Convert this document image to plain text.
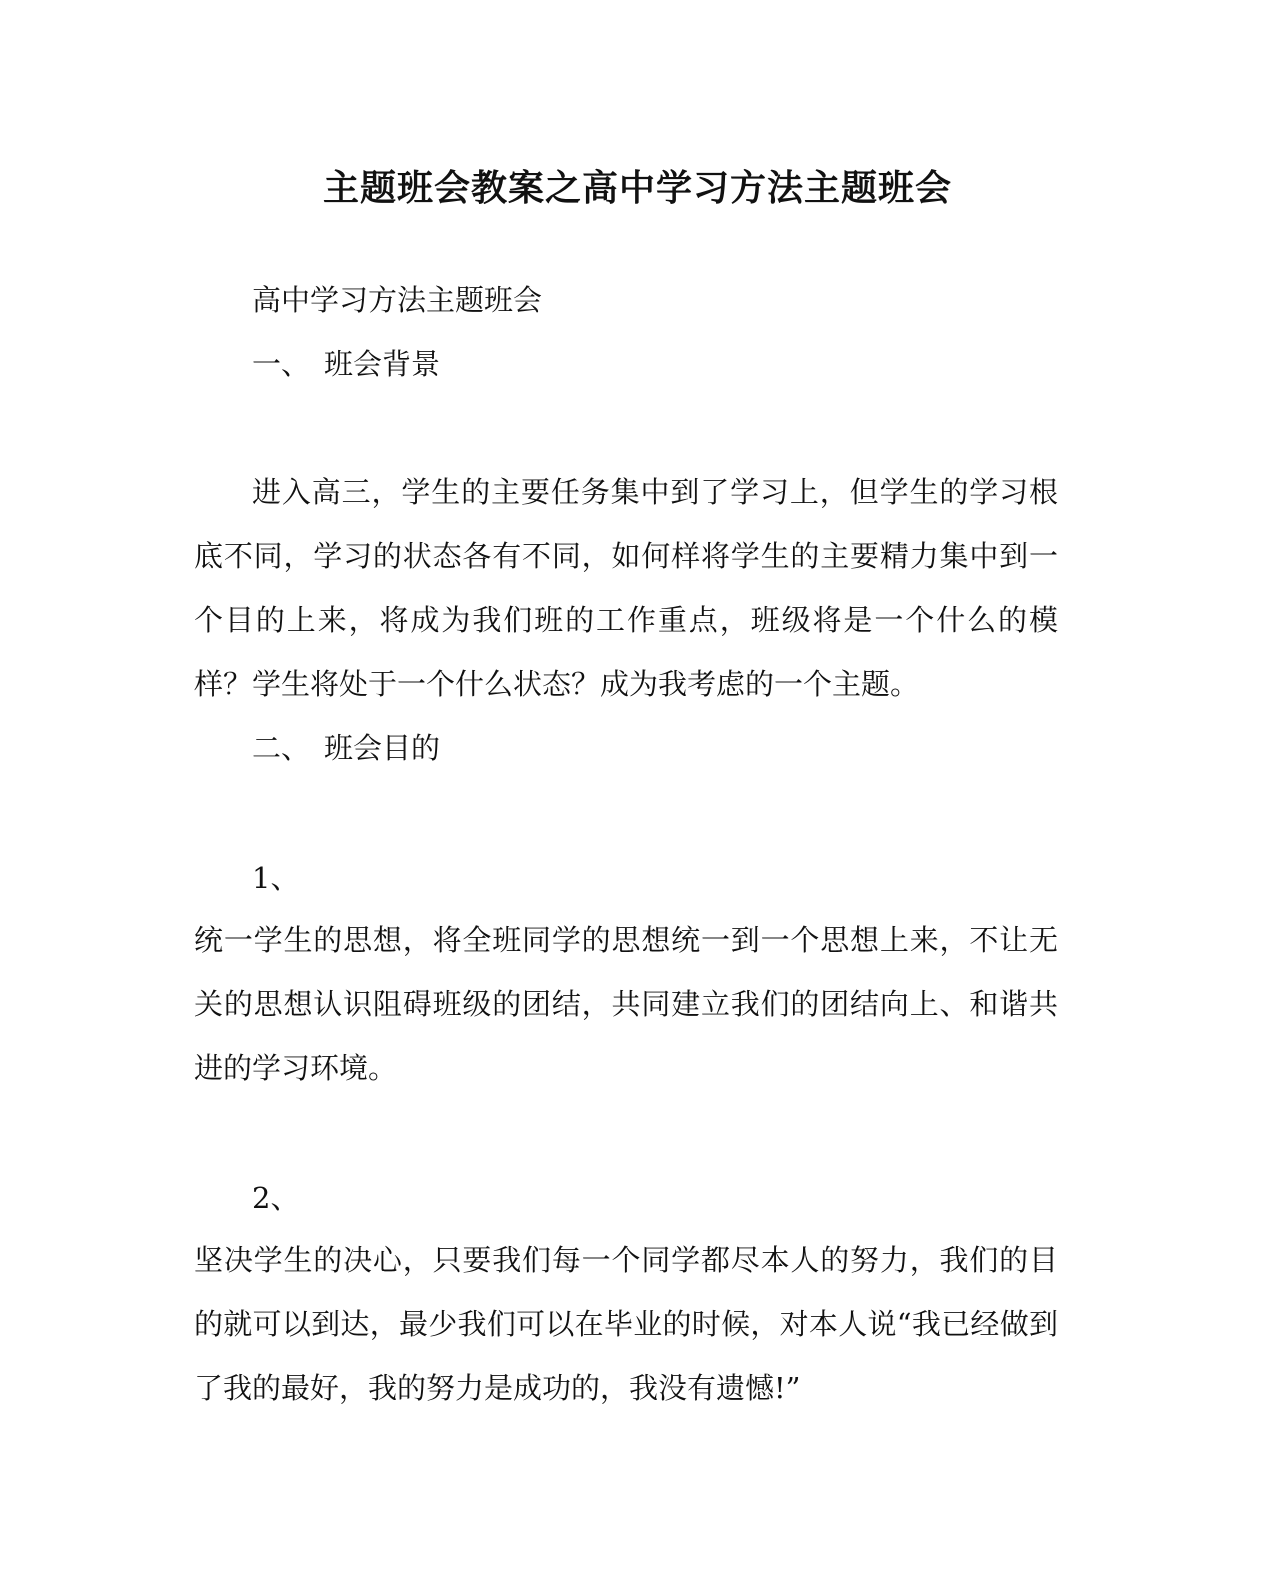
主题班会教案之高中学习方法主题班会
高中学习方法主题班会
一、 班会背景
进入高三，学生的主要任务集中到了学习上，但学生的学习根底不同，学习的状态各有不同，如何样将学生的主要精力集中到一个目的上来，将成为我们班的工作重点，班级将是一个什么的模样？学生将处于一个什么状态？成为我考虑的一个主题。
二、 班会目的
1、
统一学生的思想，将全班同学的思想统一到一个思想上来，不让无关的思想认识阻碍班级的团结，共同建立我们的团结向上、和谐共进的学习环境。
2、
坚决学生的决心，只要我们每一个同学都尽本人的努力，我们的目的就可以到达，最少我们可以在毕业的时候，对本人说“我已经做到了我的最好，我的努力是成功的，我没有遗憾!”
